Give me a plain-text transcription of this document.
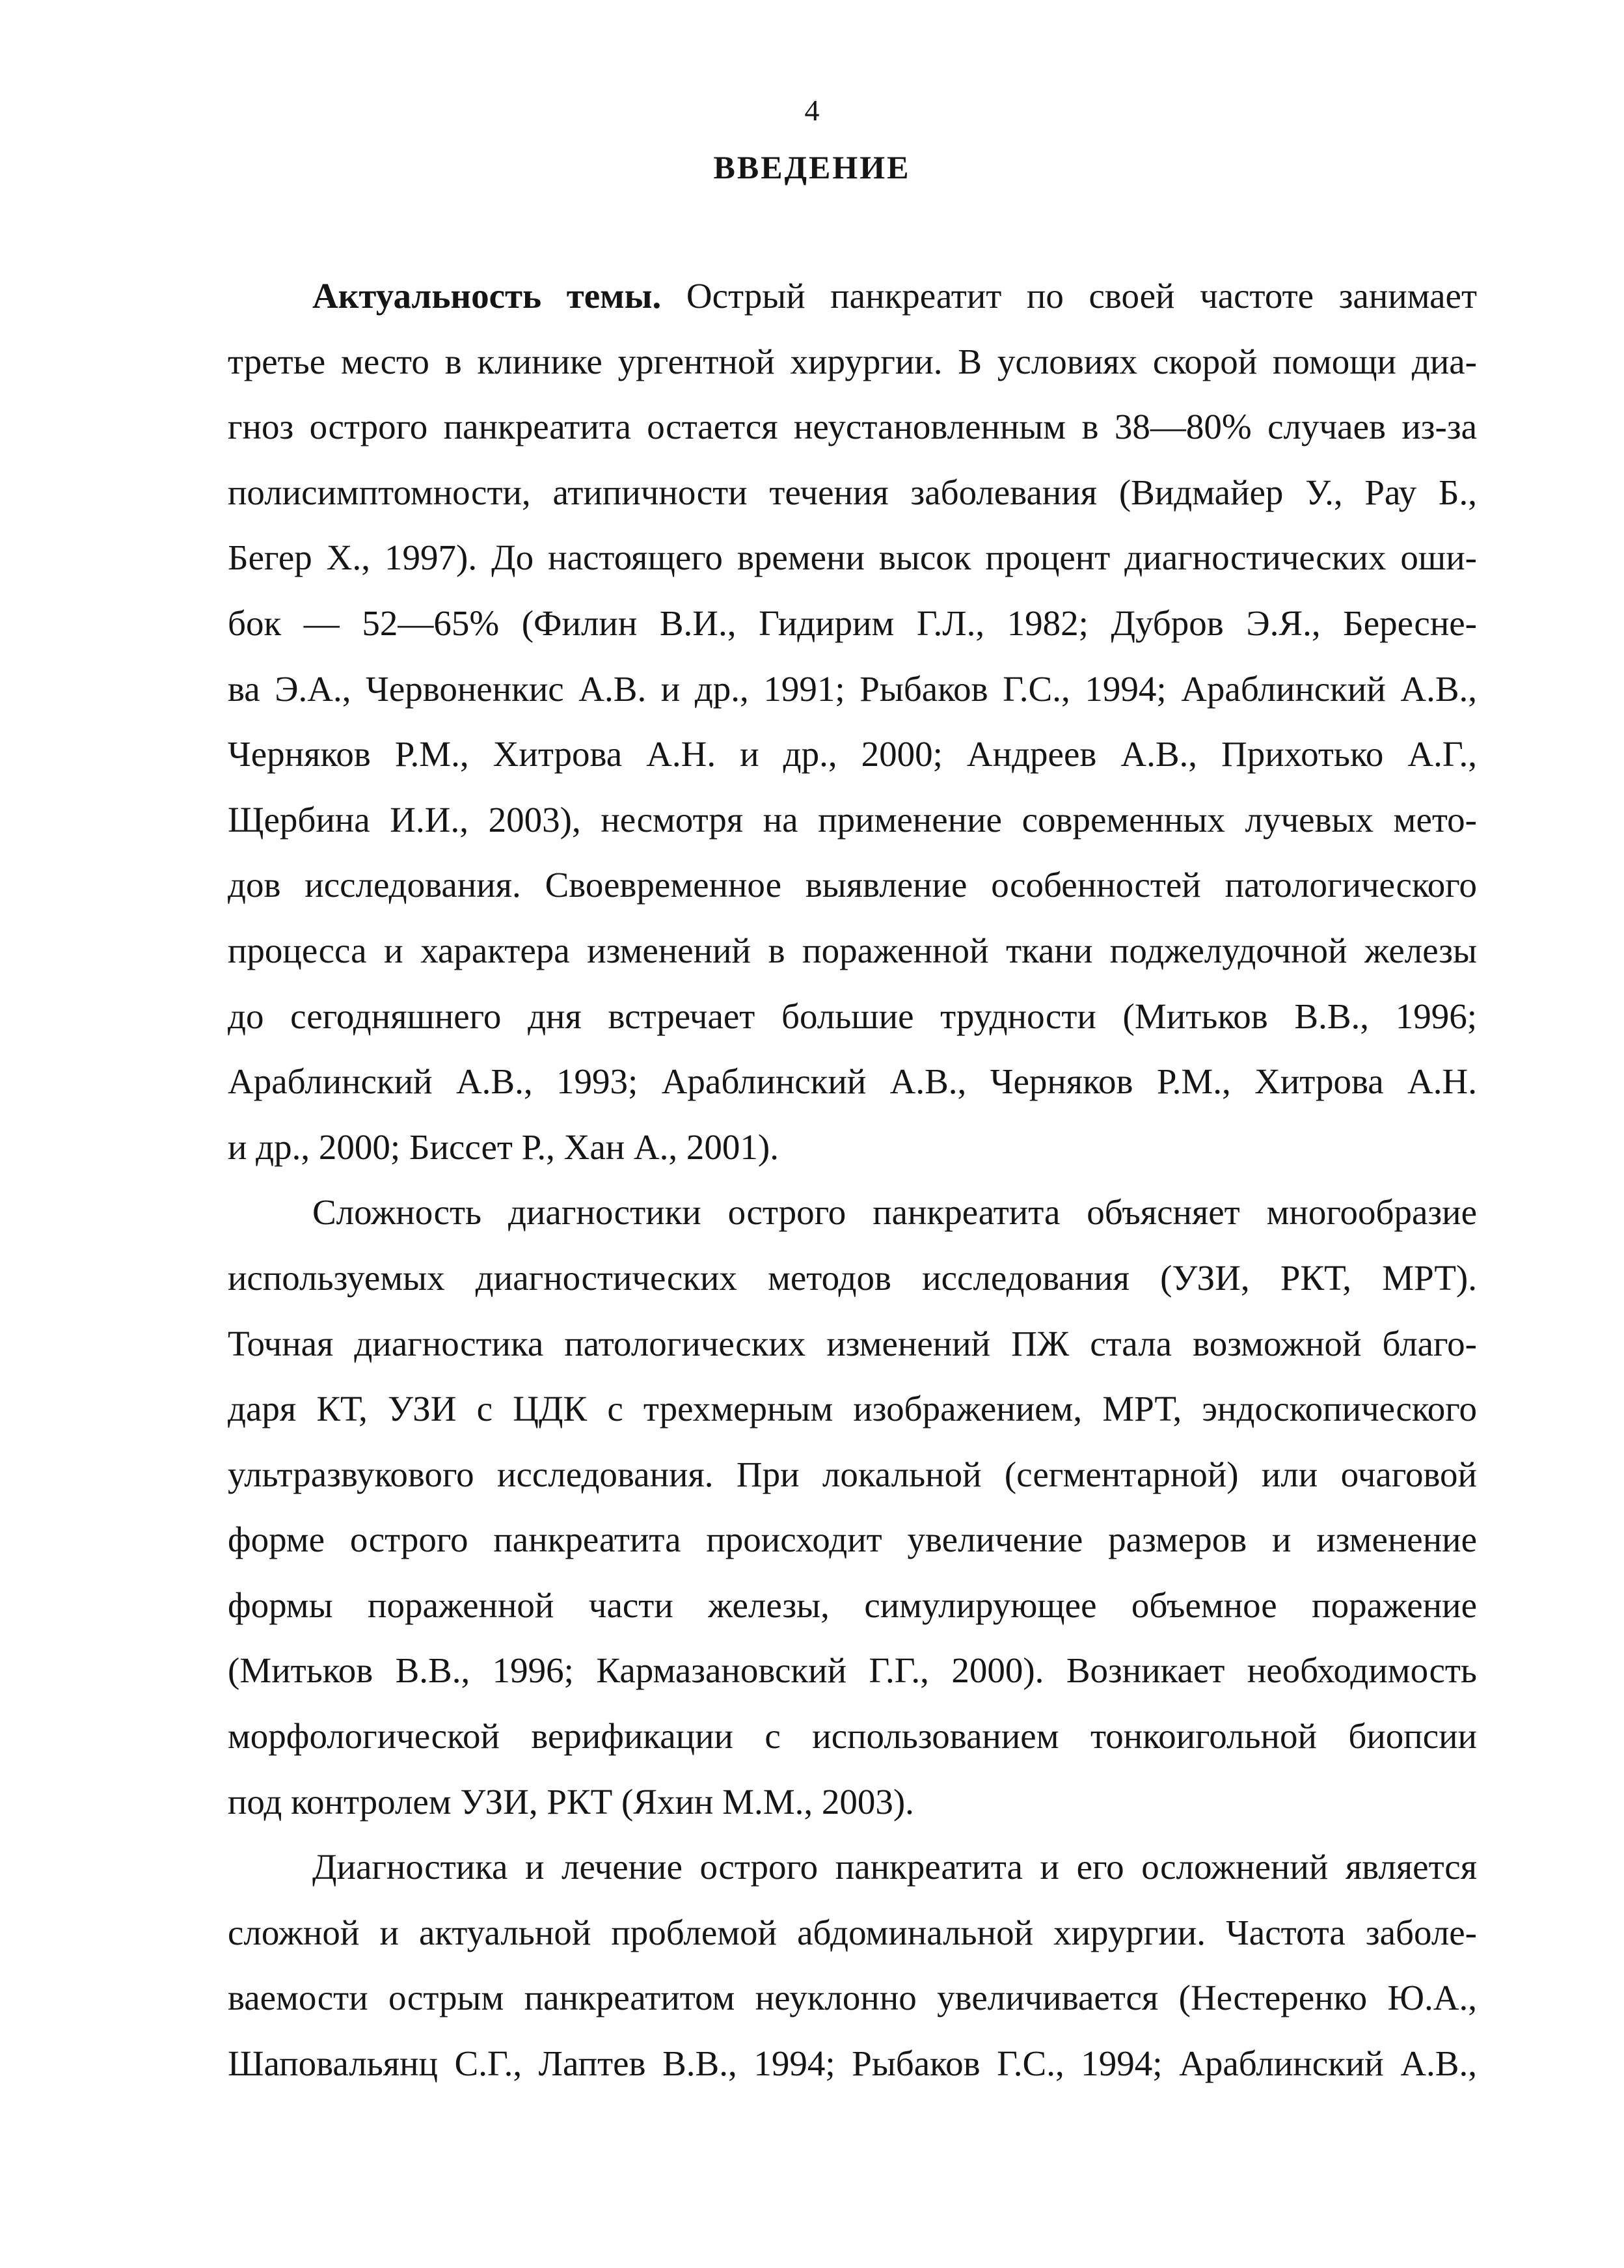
4
ВВЕДЕНИЕ
Актуальность темы. Острый панкреатит по своей частоте занимает
третье место в клинике ургентной хирургии. В условиях скорой помощи диа-
гноз острого панкреатита остается неустановленным в 38—80% случаев из-за
полисимптомности, атипичности течения заболевания (Видмайер У., Рау Б.,
Бегер Х., 1997). До настоящего времени высок процент диагностических оши-
бок — 52—65% (Филин В.И., Гидирим Г.Л., 1982; Дубров Э.Я., Береснe-
ва Э.А., Червоненкис А.В. и др., 1991; Рыбаков Г.С., 1994; Араблинский А.В.,
Черняков Р.М., Хитрова А.Н. и др., 2000; Андреев А.В., Прихотько А.Г.,
Щербина И.И., 2003), несмотря на применение современных лучевых мето-
дов исследования. Своевременное выявление особенностей патологического
процесса и характера изменений в пораженной ткани поджелудочной железы
до сегодняшнего дня встречает большие трудности (Митьков В.В., 1996;
Араблинский А.В., 1993; Араблинский А.В., Черняков Р.М., Хитрова А.Н.
и др., 2000; Биссет Р., Хан А., 2001).
Сложность диагностики острого панкреатита объясняет многообразие
используемых диагностических методов исследования (УЗИ, РКТ, МРТ).
Точная диагностика патологических изменений ПЖ стала возможной благо-
даря КТ, УЗИ с ЦДК с трехмерным изображением, МРТ, эндоскопического
ультразвукового исследования. При локальной (сегментарной) или очаговой
форме острого панкреатита происходит увеличение размеров и изменение
формы пораженной части железы, симулирующее объемное поражение
(Митьков В.В., 1996; Кармазановский Г.Г., 2000). Возникает необходимость
морфологической верификации с использованием тонкоигольной биопсии
под контролем УЗИ, РКТ (Яхин М.М., 2003).
Диагностика и лечение острого панкреатита и его осложнений является
сложной и актуальной проблемой абдоминальной хирургии. Частота заболе-
ваемости острым панкреатитом неуклонно увеличивается (Нестеренко Ю.А.,
Шаповальянц С.Г., Лаптев В.В., 1994; Рыбаков Г.С., 1994; Араблинский А.В.,
